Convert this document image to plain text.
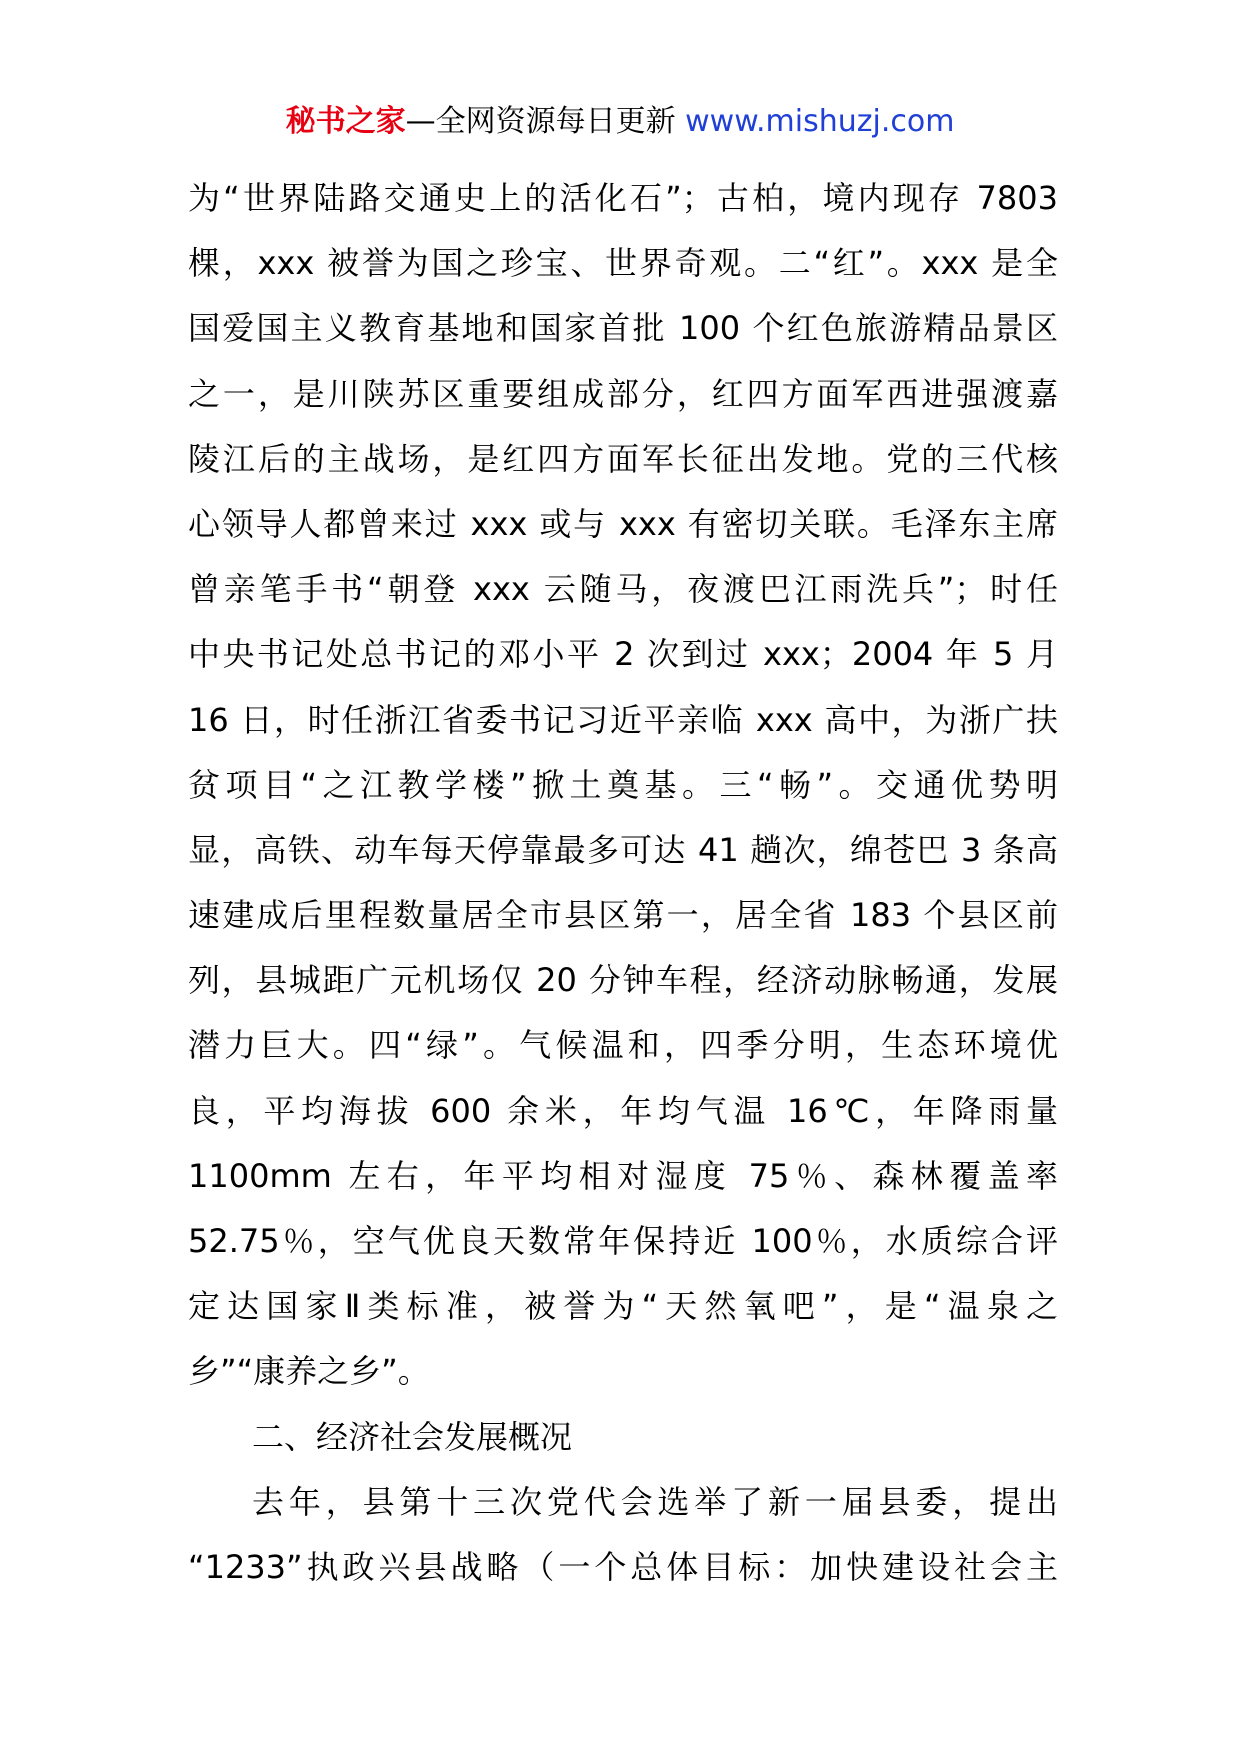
秘书之家—全网资源每日更新 www.mishuzj.com
为“世界陆路交通史上的活化石”；古柏，境内现存 7803
棵，xxx 被誉为国之珍宝、世界奇观。二“红”。xxx 是全
国爱国主义教育基地和国家首批 100 个红色旅游精品景区
之一，是川陕苏区重要组成部分，红四方面军西进强渡嘉
陵江后的主战场，是红四方面军长征出发地。党的三代核
心领导人都曾来过 xxx 或与 xxx 有密切关联。毛泽东主席
曾亲笔手书“朝登 xxx 云随马，夜渡巴江雨洗兵”；时任
中央书记处总书记的邓小平 2 次到过 xxx；2004 年 5 月
16 日，时任浙江省委书记习近平亲临 xxx 高中，为浙广扶
贫项目“之江教学楼”掀土奠基。三“畅”。交通优势明
显，高铁、动车每天停靠最多可达 41 趟次，绵苍巴 3 条高
速建成后里程数量居全市县区第一，居全省 183 个县区前
列，县城距广元机场仅 20 分钟车程，经济动脉畅通，发展
潜力巨大。四“绿”。气候温和，四季分明，生态环境优
良，平均海拔 600 余米，年均气温 16℃，年降雨量
1100mm 左右，年平均相对湿度 75％、森林覆盖率
52.75％，空气优良天数常年保持近 100％，水质综合评
定达国家Ⅱ类标准，被誉为“天然氧吧”，是“温泉之
乡”“康养之乡”。
二、经济社会发展概况
去年，县第十三次党代会选举了新一届县委，提出
“1233”执政兴县战略（一个总体目标：加快建设社会主
